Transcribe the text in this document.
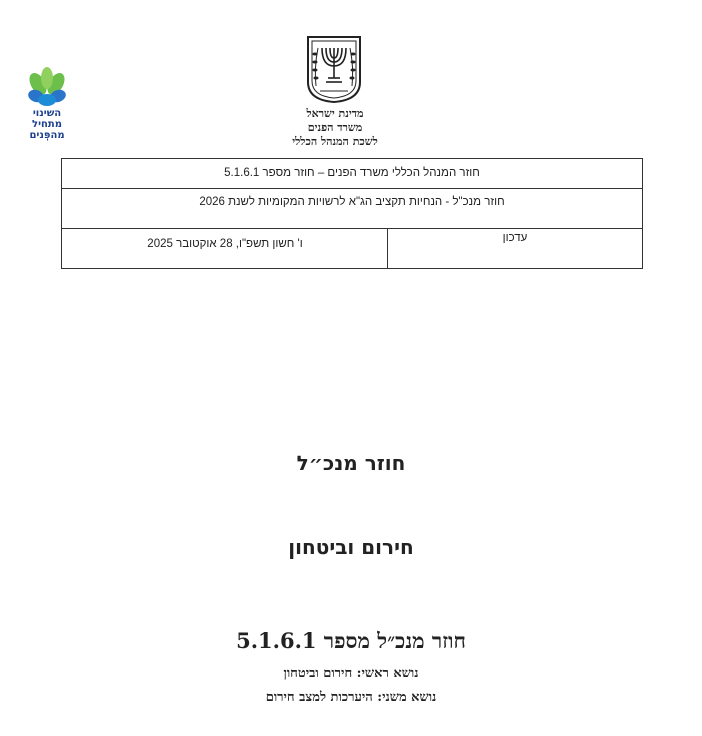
מדינת ישראל
משרד הפנים
לשכת המנהל הכללי
השינוי
מתחיל
מהפְּנים
חוזר המנהל הכללי משרד הפנים – חוזר מספר 5.1.6.1
חוזר מנכ"ל - הנחיות תקציב הג"א לרשויות המקומיות לשנת 2026
עדכון
ו' חשון תשפ"ו, 28 אוקטובר 2025
חוזר מנכ״ל
חירום וביטחון
חוזר מנכ״ל מספר 5.1.6.1
נושא ראשי: חירום וביטחון
נושא משני: היערכות למצב חירום
